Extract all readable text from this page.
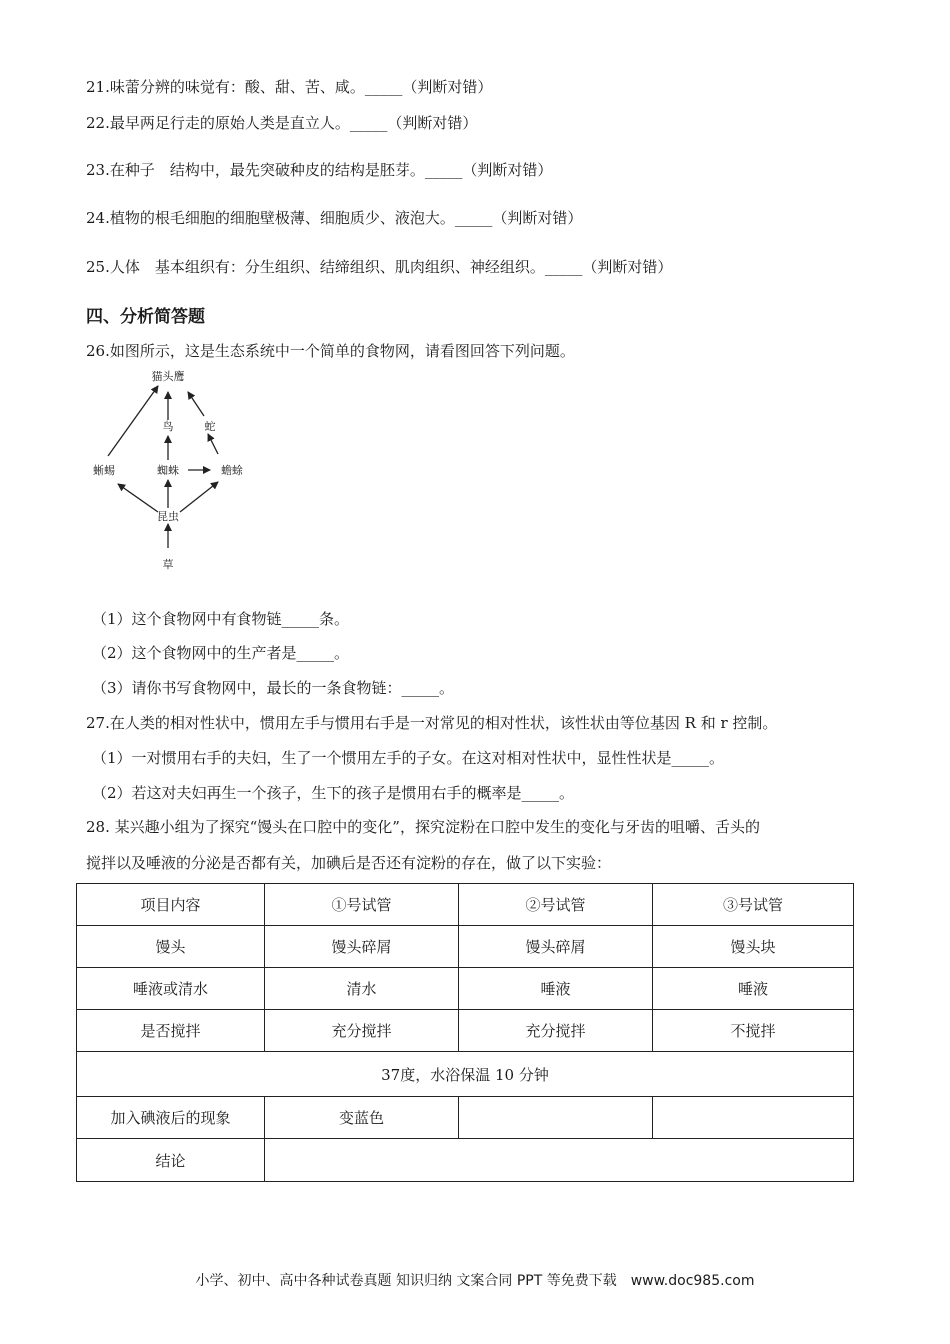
21.味蕾分辨的味觉有：酸、甜、苦、咸。_____（判断对错）
22.最早两足行走的原始人类是直立人。_____（判断对错）
23.在种子　结构中，最先突破种皮的结构是胚芽。_____（判断对错）
24.植物的根毛细胞的细胞壁极薄、细胞质少、液泡大。_____（判断对错）
25.人体　基本组织有：分生组织、结缔组织、肌肉组织、神经组织。_____（判断对错）
四、分析简答题
26.如图所示，这是生态系统中一个简单的食物网，请看图回答下列问题。
猫头鹰
鸟	蛇
蜥蜴	蜘蛛	蟾蜍
昆虫
草
（1）这个食物网中有食物链_____条。
（2）这个食物网中的生产者是_____。
（3）请你书写食物网中，最长的一条食物链：_____。
27.在人类的相对性状中，惯用左手与惯用右手是一对常见的相对性状，该性状由等位基因 R 和 r 控制。
（1）一对惯用右手的夫妇，生了一个惯用左手的子女。在这对相对性状中，显性性状是_____。
（2）若这对夫妇再生一个孩子，生下的孩子是惯用右手的概率是_____。
28. 某兴趣小组为了探究“馒头在口腔中的变化”，探究淀粉在口腔中发生的变化与牙齿的咀嚼、舌头的
搅拌以及唾液的分泌是否都有关，加碘后是否还有淀粉的存在，做了以下实验：
项目内容	①号试管	②号试管	③号试管
馒头	馒头碎屑	馒头碎屑	馒头块
唾液或清水	清水	唾液	唾液
是否搅拌	充分搅拌	充分搅拌	不搅拌
37度，水浴保温 10 分钟			
加入碘液后的现象	变蓝色		
结论			
小学、初中、高中各种试卷真题 知识归纳 文案合同 PPT 等免费下载　www.doc985.com
